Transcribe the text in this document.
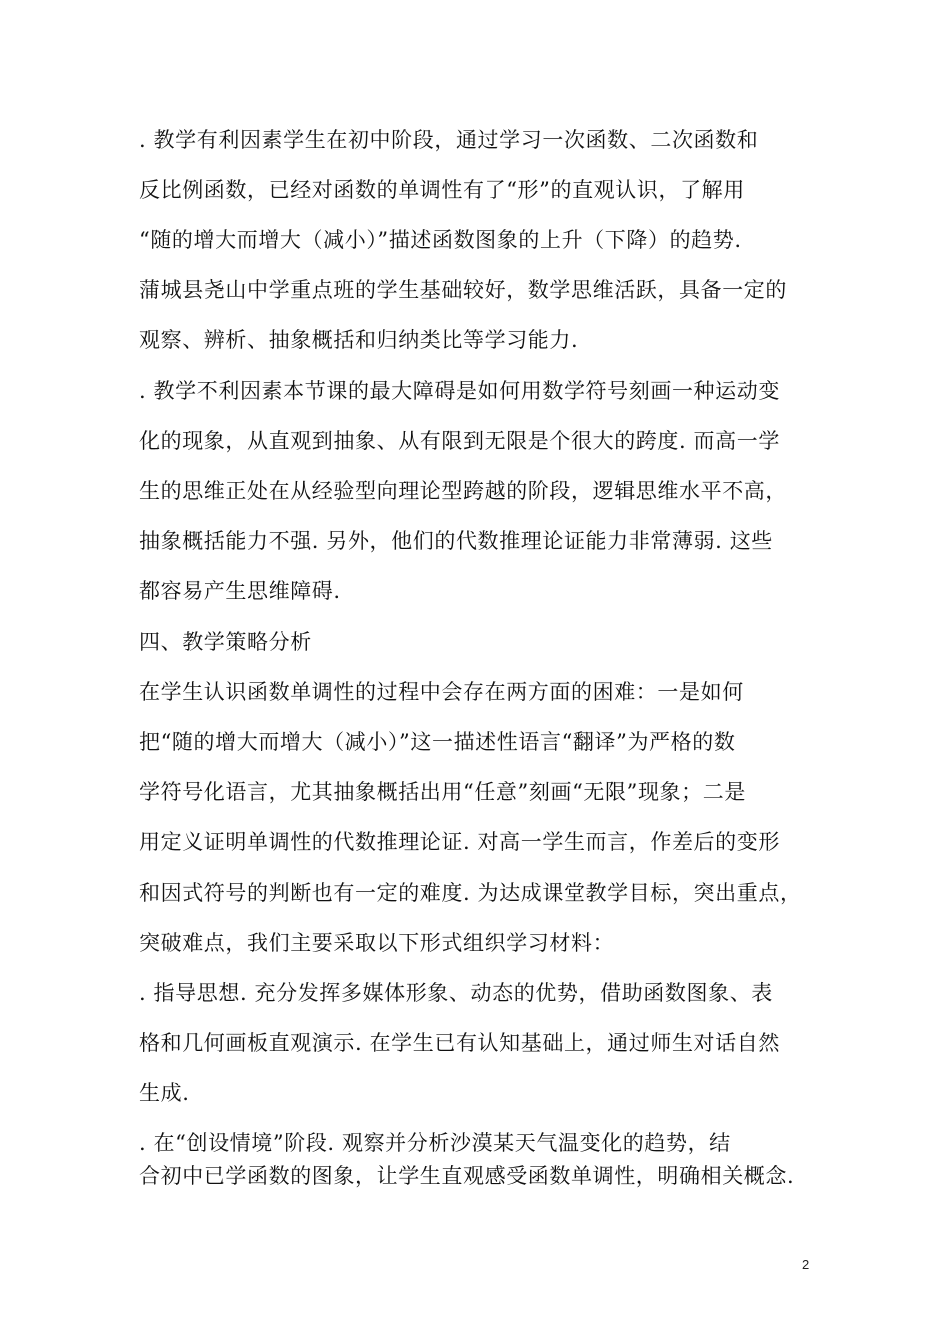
. 教学有利因素学生在初中阶段，通过学习一次函数、二次函数和
反比例函数，已经对函数的单调性有了“形”的直观认识，了解用
“随的增大而增大（减小）”描述函数图象的上升（下降）的趋势.
蒲城县尧山中学重点班的学生基础较好，数学思维活跃，具备一定的
观察、辨析、抽象概括和归纳类比等学习能力.
. 教学不利因素本节课的最大障碍是如何用数学符号刻画一种运动变
化的现象，从直观到抽象、从有限到无限是个很大的跨度. 而高一学
生的思维正处在从经验型向理论型跨越的阶段，逻辑思维水平不高，
抽象概括能力不强. 另外，他们的代数推理论证能力非常薄弱. 这些
都容易产生思维障碍.
四、教学策略分析
在学生认识函数单调性的过程中会存在两方面的困难：一是如何
把“随的增大而增大（减小）”这一描述性语言“翻译”为严格的数
学符号化语言，尤其抽象概括出用“任意”刻画“无限”现象；二是
用定义证明单调性的代数推理论证. 对高一学生而言，作差后的变形
和因式符号的判断也有一定的难度. 为达成课堂教学目标，突出重点，
突破难点，我们主要采取以下形式组织学习材料：
. 指导思想. 充分发挥多媒体形象、动态的优势，借助函数图象、表
格和几何画板直观演示. 在学生已有认知基础上，通过师生对话自然
生成.
. 在“创设情境”阶段. 观察并分析沙漠某天气温变化的趋势，结
合初中已学函数的图象，让学生直观感受函数单调性，明确相关概念.
2
